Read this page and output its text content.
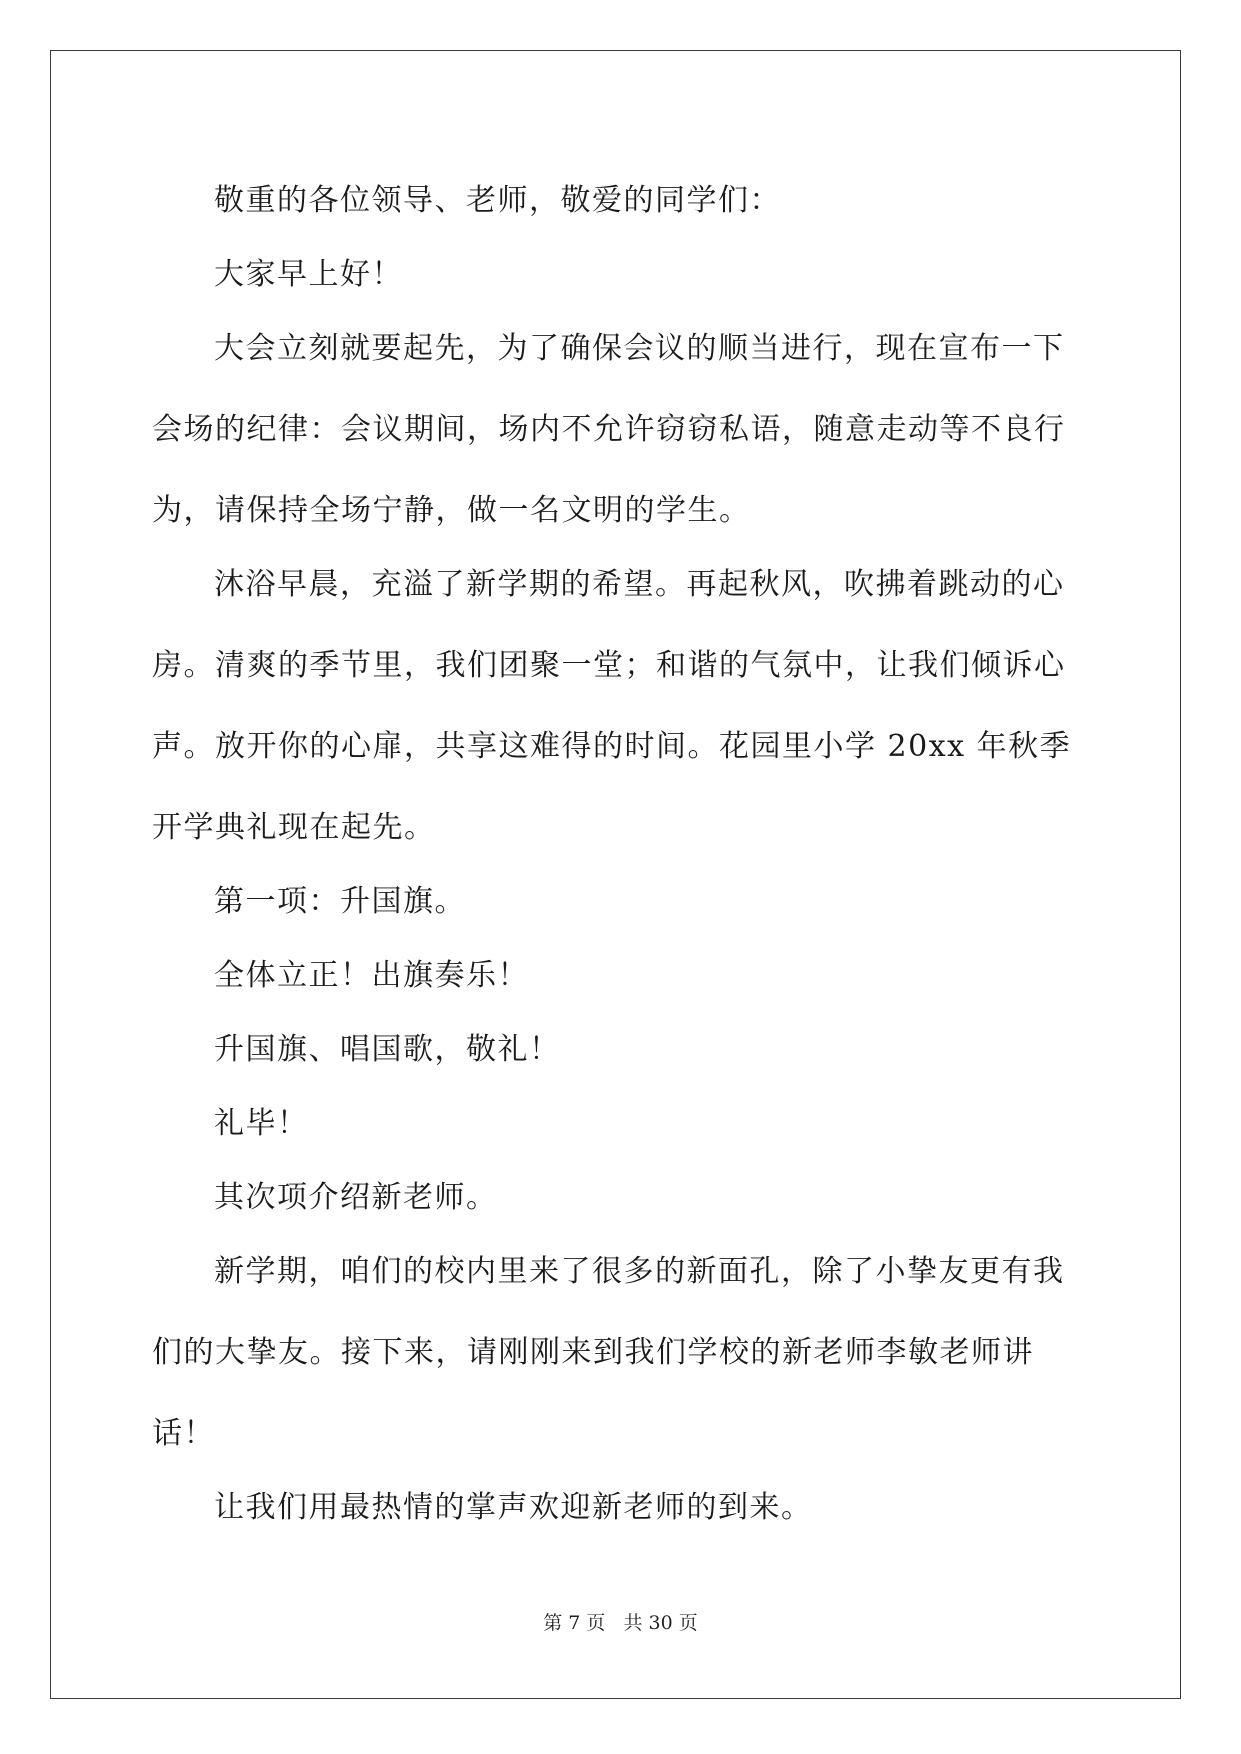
敬重的各位领导、老师，敬爱的同学们：

大家早上好！

大会立刻就要起先，为了确保会议的顺当进行，现在宣布一下会场的纪律：会议期间，场内不允许窃窃私语，随意走动等不良行为，请保持全场宁静，做一名文明的学生。

沐浴早晨，充溢了新学期的希望。再起秋风，吹拂着跳动的心房。清爽的季节里，我们团聚一堂；和谐的气氛中，让我们倾诉心声。放开你的心扉，共享这难得的时间。花园里小学 20xx 年秋季开学典礼现在起先。

第一项：升国旗。

全体立正！出旗奏乐！

升国旗、唱国歌，敬礼！

礼毕！

其次项介绍新老师。

新学期，咱们的校内里来了很多的新面孔，除了小挚友更有我们的大挚友。接下来，请刚刚来到我们学校的新老师李敏老师讲话！

让我们用最热情的掌声欢迎新老师的到来。

第 7 页 共 30 页
